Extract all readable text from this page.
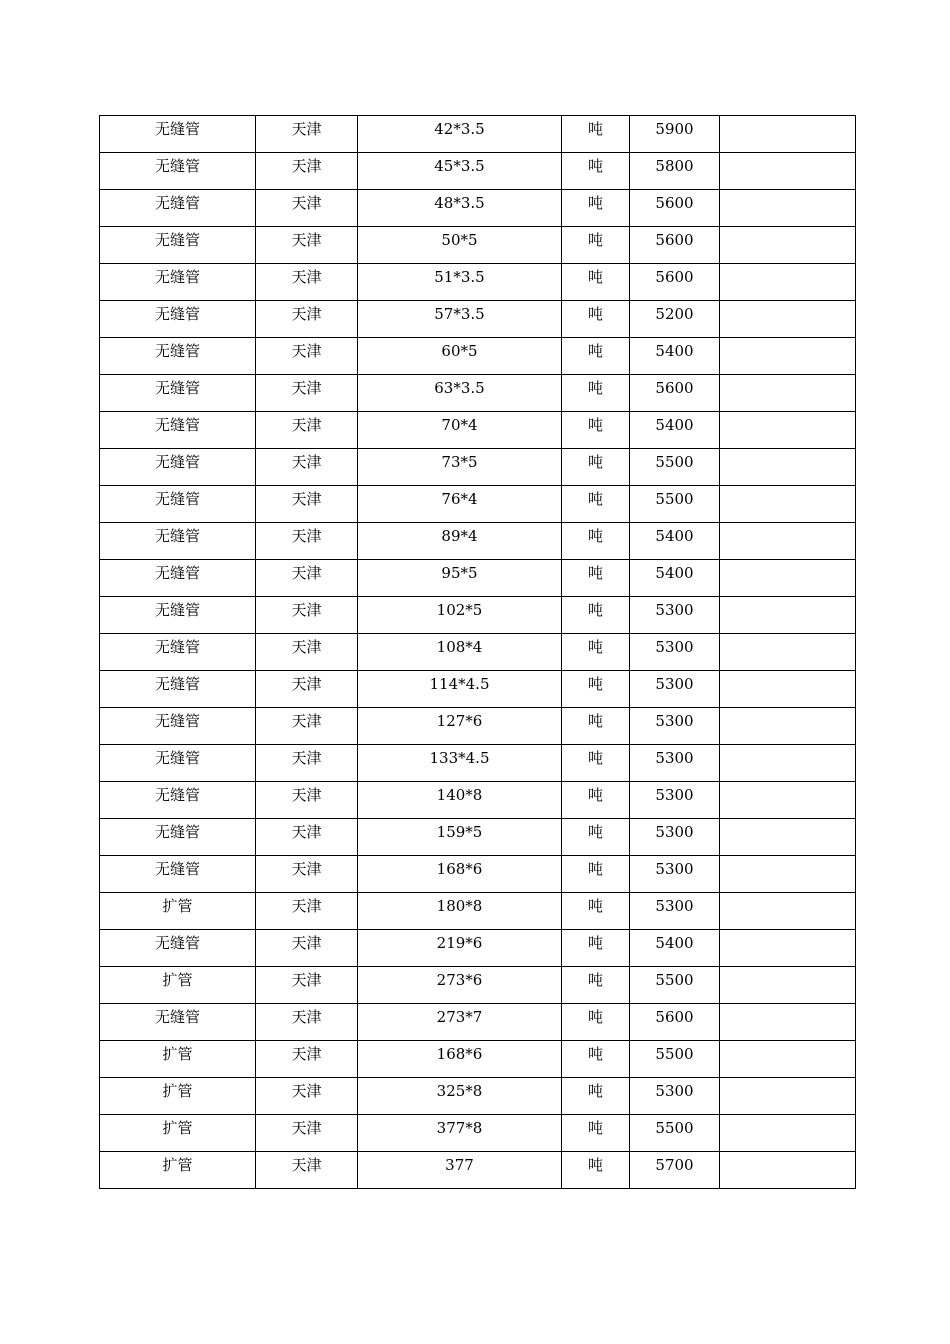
无缝管	天津	42*3.5	吨	5900	
无缝管	天津	45*3.5	吨	5800	
无缝管	天津	48*3.5	吨	5600	
无缝管	天津	50*5	吨	5600	
无缝管	天津	51*3.5	吨	5600	
无缝管	天津	57*3.5	吨	5200	
无缝管	天津	60*5	吨	5400	
无缝管	天津	63*3.5	吨	5600	
无缝管	天津	70*4	吨	5400	
无缝管	天津	73*5	吨	5500	
无缝管	天津	76*4	吨	5500	
无缝管	天津	89*4	吨	5400	
无缝管	天津	95*5	吨	5400	
无缝管	天津	102*5	吨	5300	
无缝管	天津	108*4	吨	5300	
无缝管	天津	114*4.5	吨	5300	
无缝管	天津	127*6	吨	5300	
无缝管	天津	133*4.5	吨	5300	
无缝管	天津	140*8	吨	5300	
无缝管	天津	159*5	吨	5300	
无缝管	天津	168*6	吨	5300	
扩管	天津	180*8	吨	5300	
无缝管	天津	219*6	吨	5400	
扩管	天津	273*6	吨	5500	
无缝管	天津	273*7	吨	5600	
扩管	天津	168*6	吨	5500	
扩管	天津	325*8	吨	5300	
扩管	天津	377*8	吨	5500	
扩管	天津	377	吨	5700	
